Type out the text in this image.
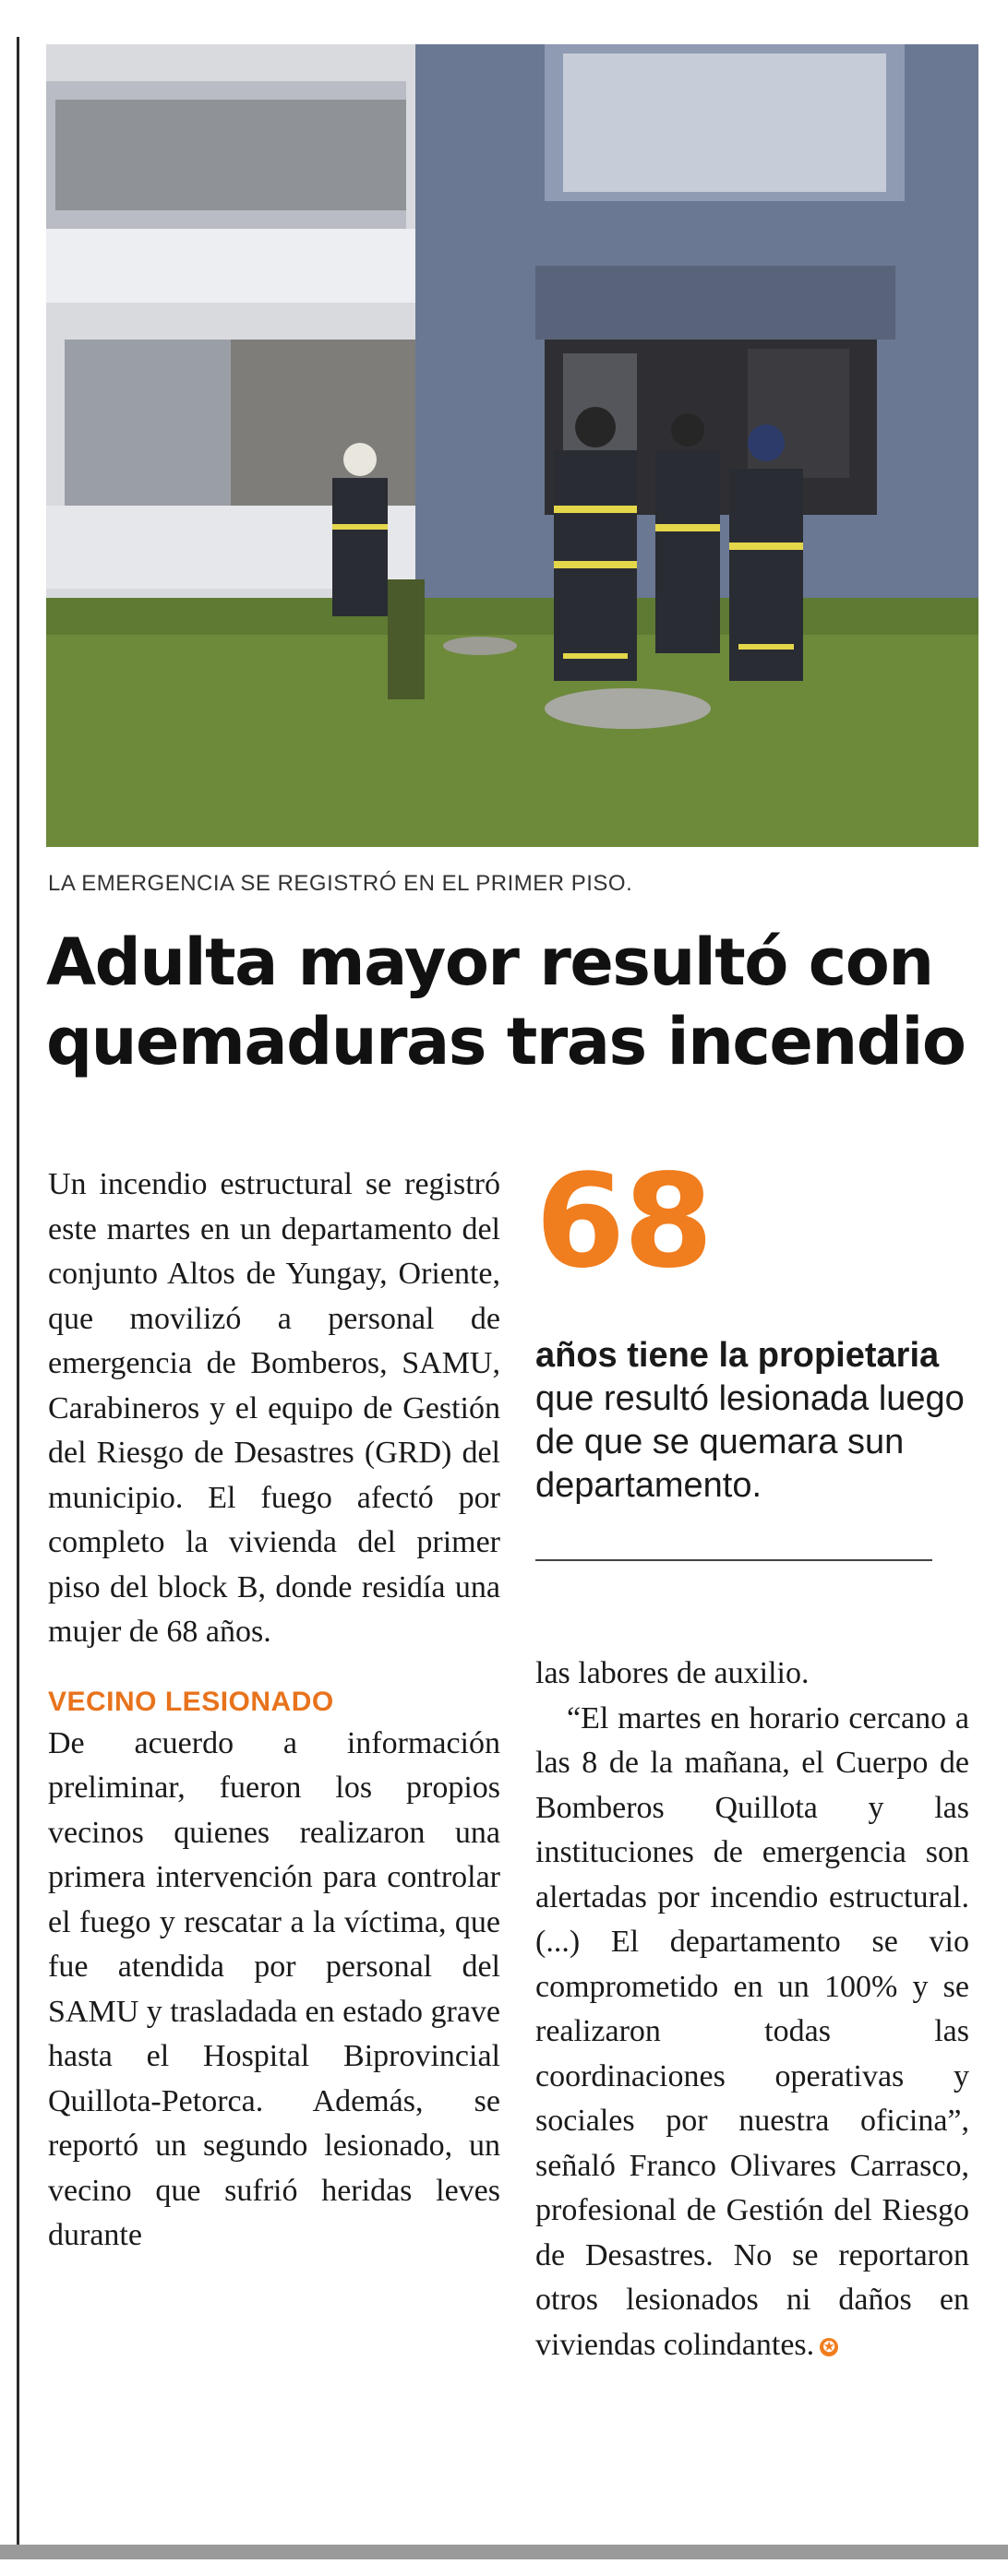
LA EMERGENCIA SE REGISTRÓ EN EL PRIMER PISO.
Adulta mayor resultó con quemaduras tras incendio

Un incendio estructural se registró este martes en un departamento del conjunto Altos de Yungay, Oriente, que movilizó a personal de emergencia de Bomberos, SAMU, Carabineros y el equipo de Gestión del Riesgo de Desastres (GRD) del municipio. El fuego afectó por completo la vivienda del primer piso del block B, donde residía una mujer de 68 años.

VECINO LESIONADO

De acuerdo a información preliminar, fueron los propios vecinos quienes realizaron una primera intervención para controlar el fuego y rescatar a la víctima, que fue atendida por personal del SAMU y trasladada en estado grave hasta el Hospital Biprovincial Quillota-Petorca. Además, se reportó un segundo lesionado, un vecino que sufrió heridas leves durante

68
años tiene la propietaria que resultó lesionada luego de que se quemara sun departamento.

las labores de auxilio.

“El martes en horario cercano a las 8 de la mañana, el Cuerpo de Bomberos Quillota y las instituciones de emergencia son alertadas por incendio estructural. (...) El departamento se vio comprometido en un 100% y se realizaron todas las coordinaciones operativas y sociales por nuestra oficina”, señaló Franco Olivares Carrasco, profesional de Gestión del Riesgo de Desastres. No se reportaron otros lesionados ni daños en viviendas colindantes. ✪
